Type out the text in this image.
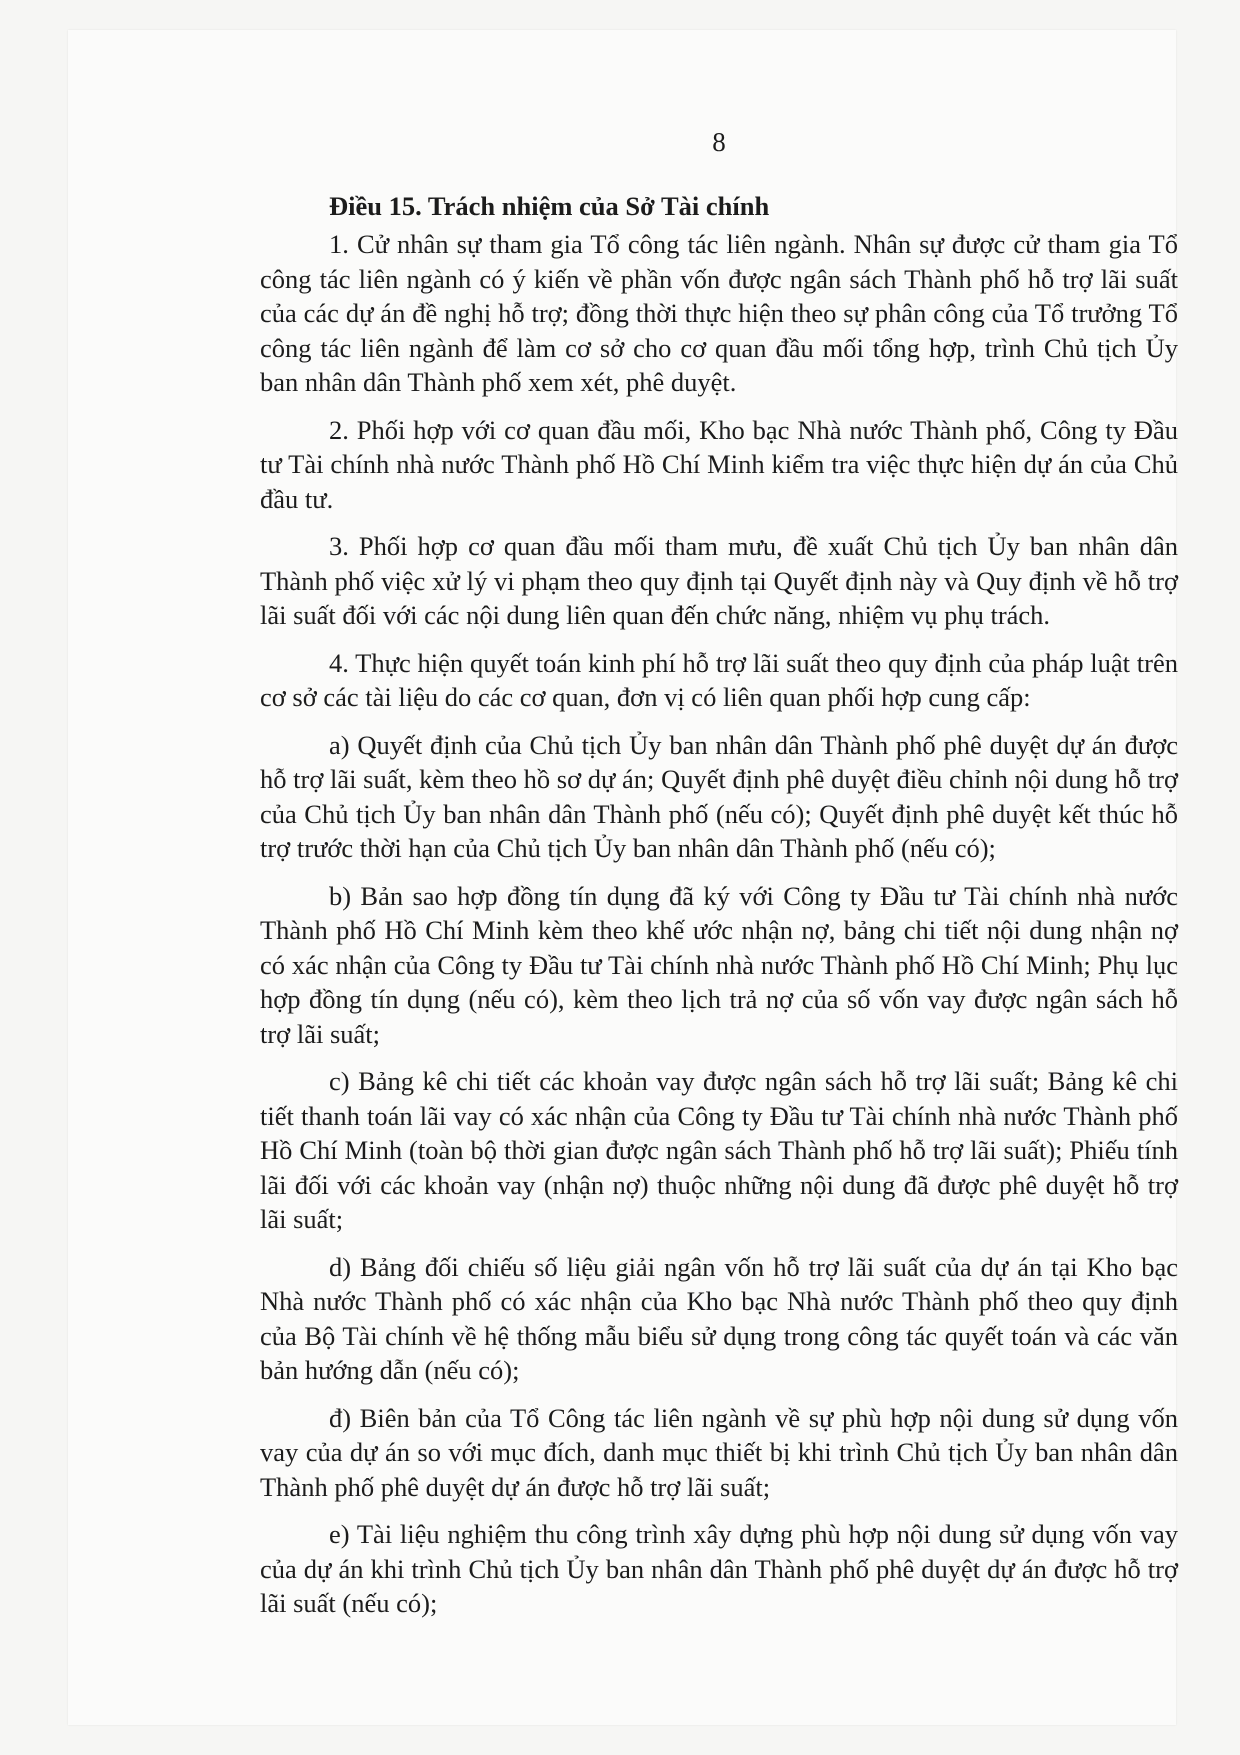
8
Điều 15. Trách nhiệm của Sở Tài chính

1. Cử nhân sự tham gia Tổ công tác liên ngành. Nhân sự được cử tham gia Tổ công tác liên ngành có ý kiến về phần vốn được ngân sách Thành phố hỗ trợ lãi suất của các dự án đề nghị hỗ trợ; đồng thời thực hiện theo sự phân công của Tổ trưởng Tổ công tác liên ngành để làm cơ sở cho cơ quan đầu mối tổng hợp, trình Chủ tịch Ủy ban nhân dân Thành phố xem xét, phê duyệt.

2. Phối hợp với cơ quan đầu mối, Kho bạc Nhà nước Thành phố, Công ty Đầu tư Tài chính nhà nước Thành phố Hồ Chí Minh kiểm tra việc thực hiện dự án của Chủ đầu tư.

3. Phối hợp cơ quan đầu mối tham mưu, đề xuất Chủ tịch Ủy ban nhân dân Thành phố việc xử lý vi phạm theo quy định tại Quyết định này và Quy định về hỗ trợ lãi suất đối với các nội dung liên quan đến chức năng, nhiệm vụ phụ trách.

4. Thực hiện quyết toán kinh phí hỗ trợ lãi suất theo quy định của pháp luật trên cơ sở các tài liệu do các cơ quan, đơn vị có liên quan phối hợp cung cấp:

a) Quyết định của Chủ tịch Ủy ban nhân dân Thành phố phê duyệt dự án được hỗ trợ lãi suất, kèm theo hồ sơ dự án; Quyết định phê duyệt điều chỉnh nội dung hỗ trợ của Chủ tịch Ủy ban nhân dân Thành phố (nếu có); Quyết định phê duyệt kết thúc hỗ trợ trước thời hạn của Chủ tịch Ủy ban nhân dân Thành phố (nếu có);

b) Bản sao hợp đồng tín dụng đã ký với Công ty Đầu tư Tài chính nhà nước Thành phố Hồ Chí Minh kèm theo khế ước nhận nợ, bảng chi tiết nội dung nhận nợ có xác nhận của Công ty Đầu tư Tài chính nhà nước Thành phố Hồ Chí Minh; Phụ lục hợp đồng tín dụng (nếu có), kèm theo lịch trả nợ của số vốn vay được ngân sách hỗ trợ lãi suất;

c) Bảng kê chi tiết các khoản vay được ngân sách hỗ trợ lãi suất; Bảng kê chi tiết thanh toán lãi vay có xác nhận của Công ty Đầu tư Tài chính nhà nước Thành phố Hồ Chí Minh (toàn bộ thời gian được ngân sách Thành phố hỗ trợ lãi suất); Phiếu tính lãi đối với các khoản vay (nhận nợ) thuộc những nội dung đã được phê duyệt hỗ trợ lãi suất;

d) Bảng đối chiếu số liệu giải ngân vốn hỗ trợ lãi suất của dự án tại Kho bạc Nhà nước Thành phố có xác nhận của Kho bạc Nhà nước Thành phố theo quy định của Bộ Tài chính về hệ thống mẫu biểu sử dụng trong công tác quyết toán và các văn bản hướng dẫn (nếu có);

đ) Biên bản của Tổ Công tác liên ngành về sự phù hợp nội dung sử dụng vốn vay của dự án so với mục đích, danh mục thiết bị khi trình Chủ tịch Ủy ban nhân dân Thành phố phê duyệt dự án được hỗ trợ lãi suất;

e) Tài liệu nghiệm thu công trình xây dựng phù hợp nội dung sử dụng vốn vay của dự án khi trình Chủ tịch Ủy ban nhân dân Thành phố phê duyệt dự án được hỗ trợ lãi suất (nếu có);
